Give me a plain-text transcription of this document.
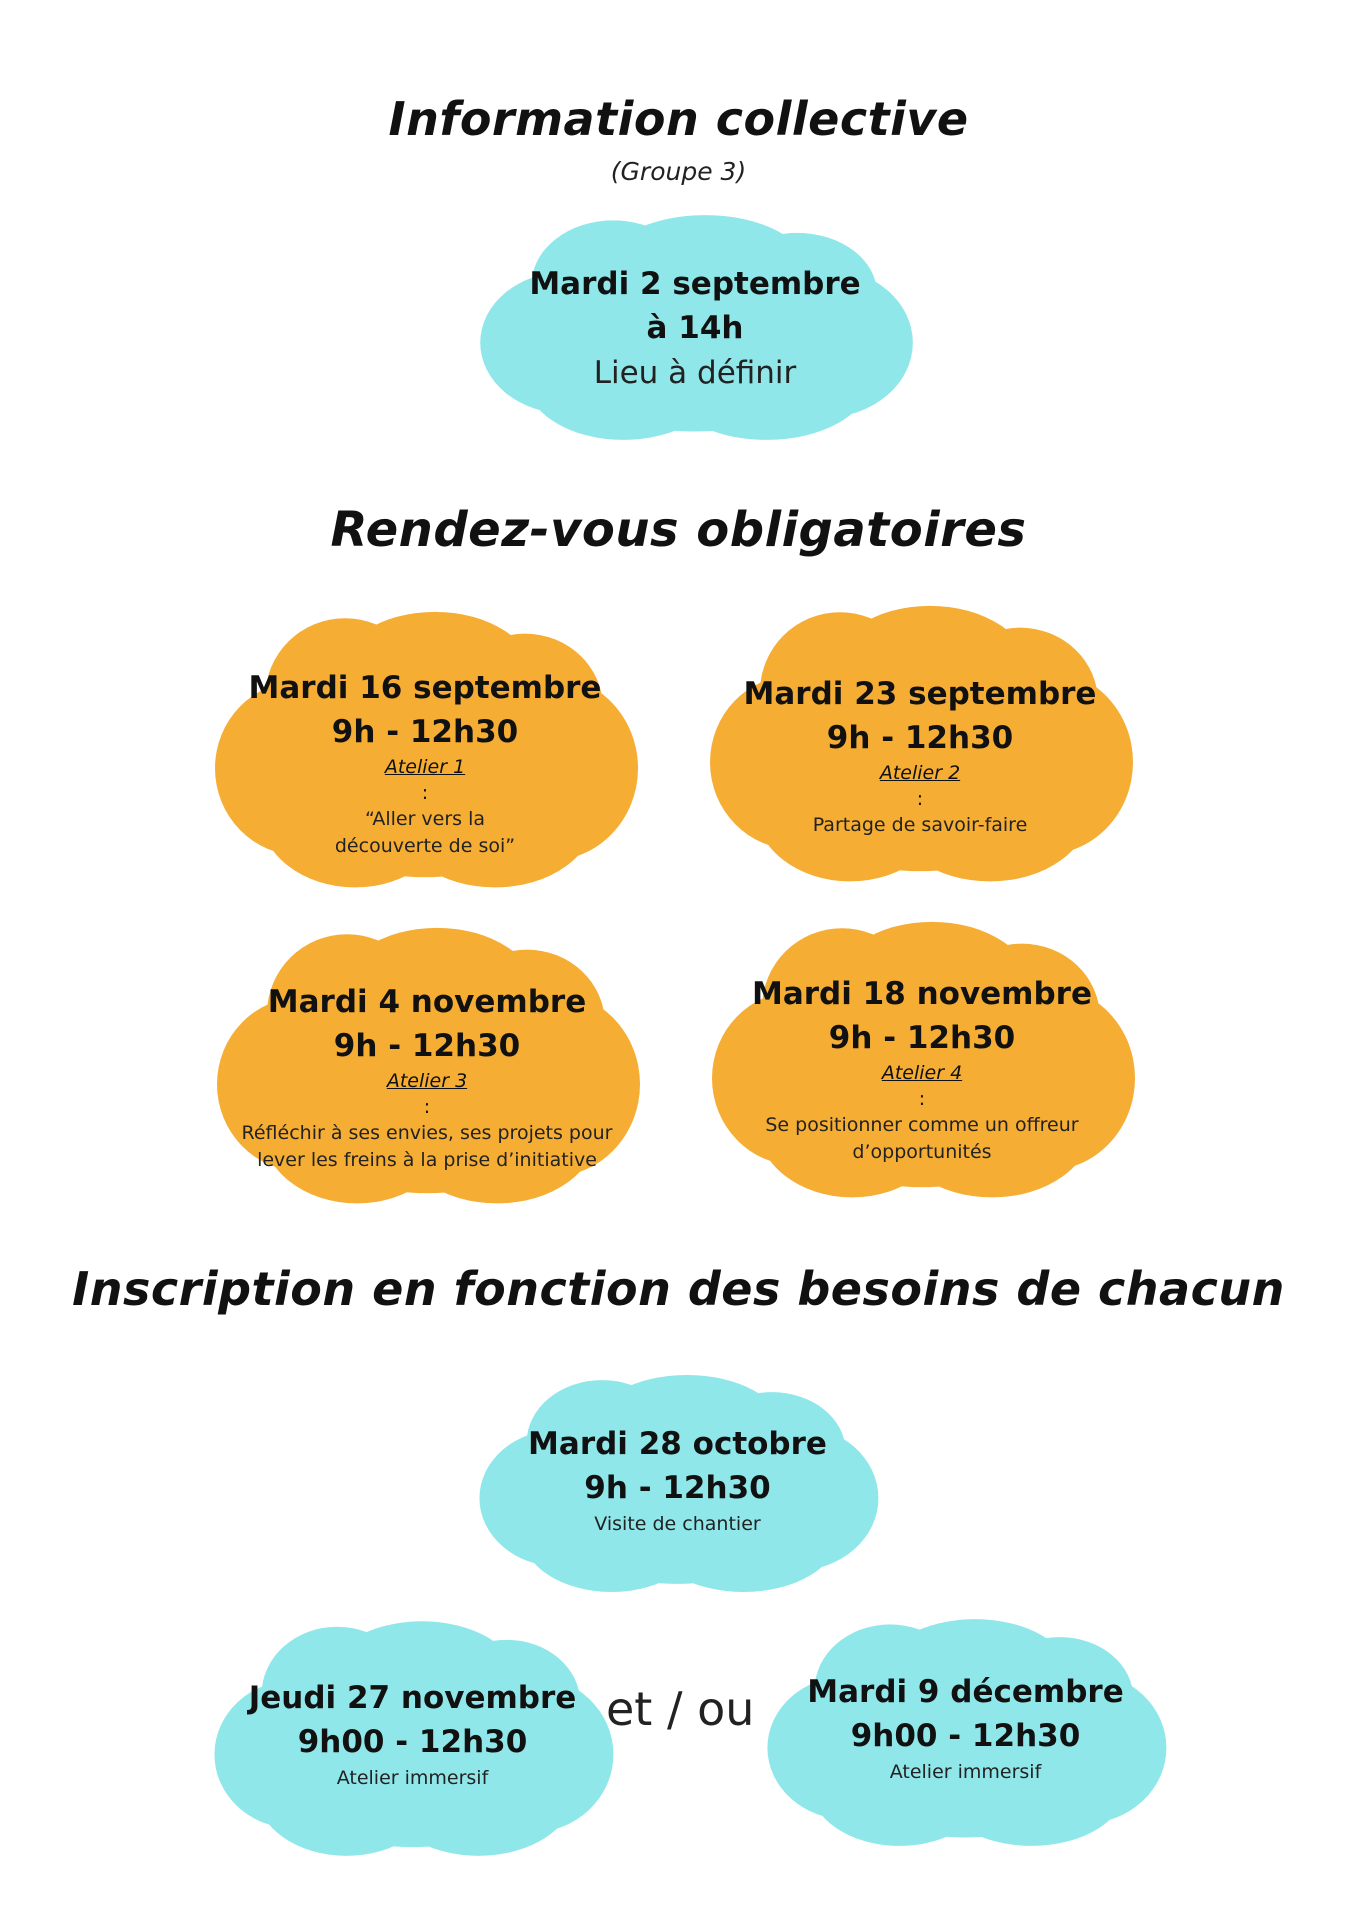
Information collective
(Groupe 3)
Mardi 2 septembre
à 14h
Lieu à définir
Rendez-vous obligatoires
Mardi 16 septembre
9h - 12h30
Atelier 1
:
“Aller vers la découverte de soi”
Mardi 23 septembre
9h - 12h30
Atelier 2
:
Partage de savoir-faire
Mardi 4 novembre
9h - 12h30
Atelier 3
:
Réfléchir à ses envies, ses projets pour lever les freins à la prise d’initiative
Mardi 18 novembre
9h - 12h30
Atelier 4
:
Se positionner comme un offreur d’opportunités
Inscription en fonction des besoins de chacun
Mardi 28 octobre
9h - 12h30
Visite de chantier
Jeudi 27 novembre
9h00 - 12h30
Atelier immersif
et / ou	Mardi 9 décembre
9h00 - 12h30
Atelier immersif
